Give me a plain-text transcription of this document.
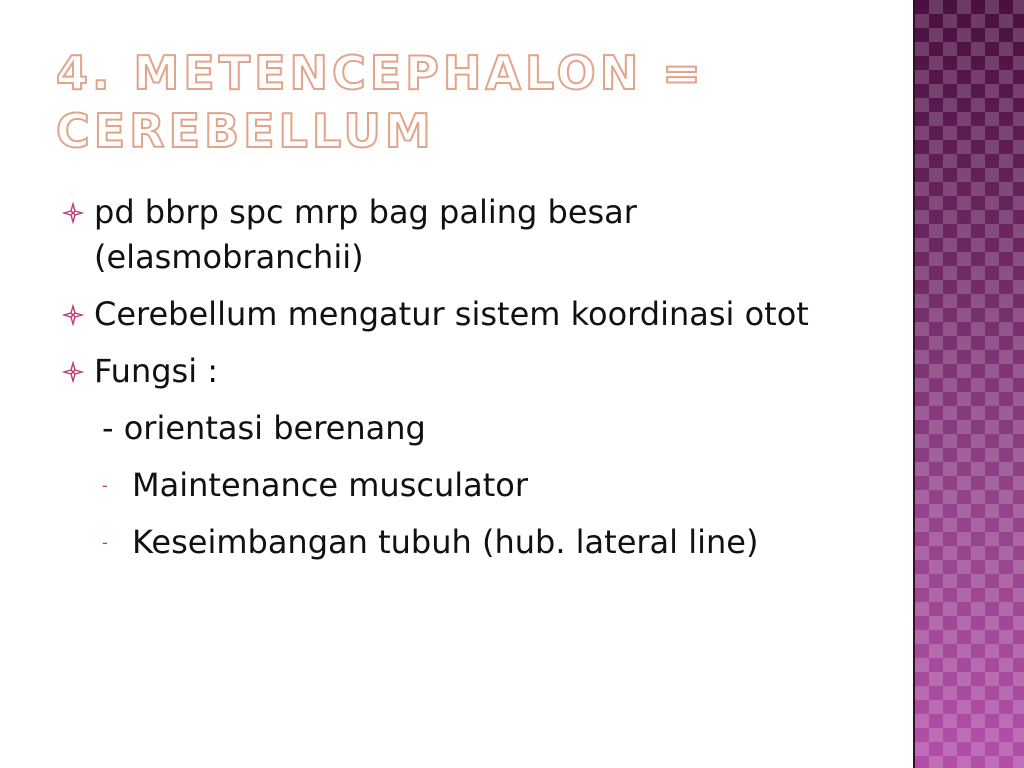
4. METENCEPHALON = CEREBELLUM
pd bbrp spc mrp bag paling besar (elasmobranchii)
Cerebellum mengatur sistem koordinasi otot
Fungsi :
- orientasi berenang
- Maintenance musculator
- Keseimbangan tubuh (hub. lateral line)
